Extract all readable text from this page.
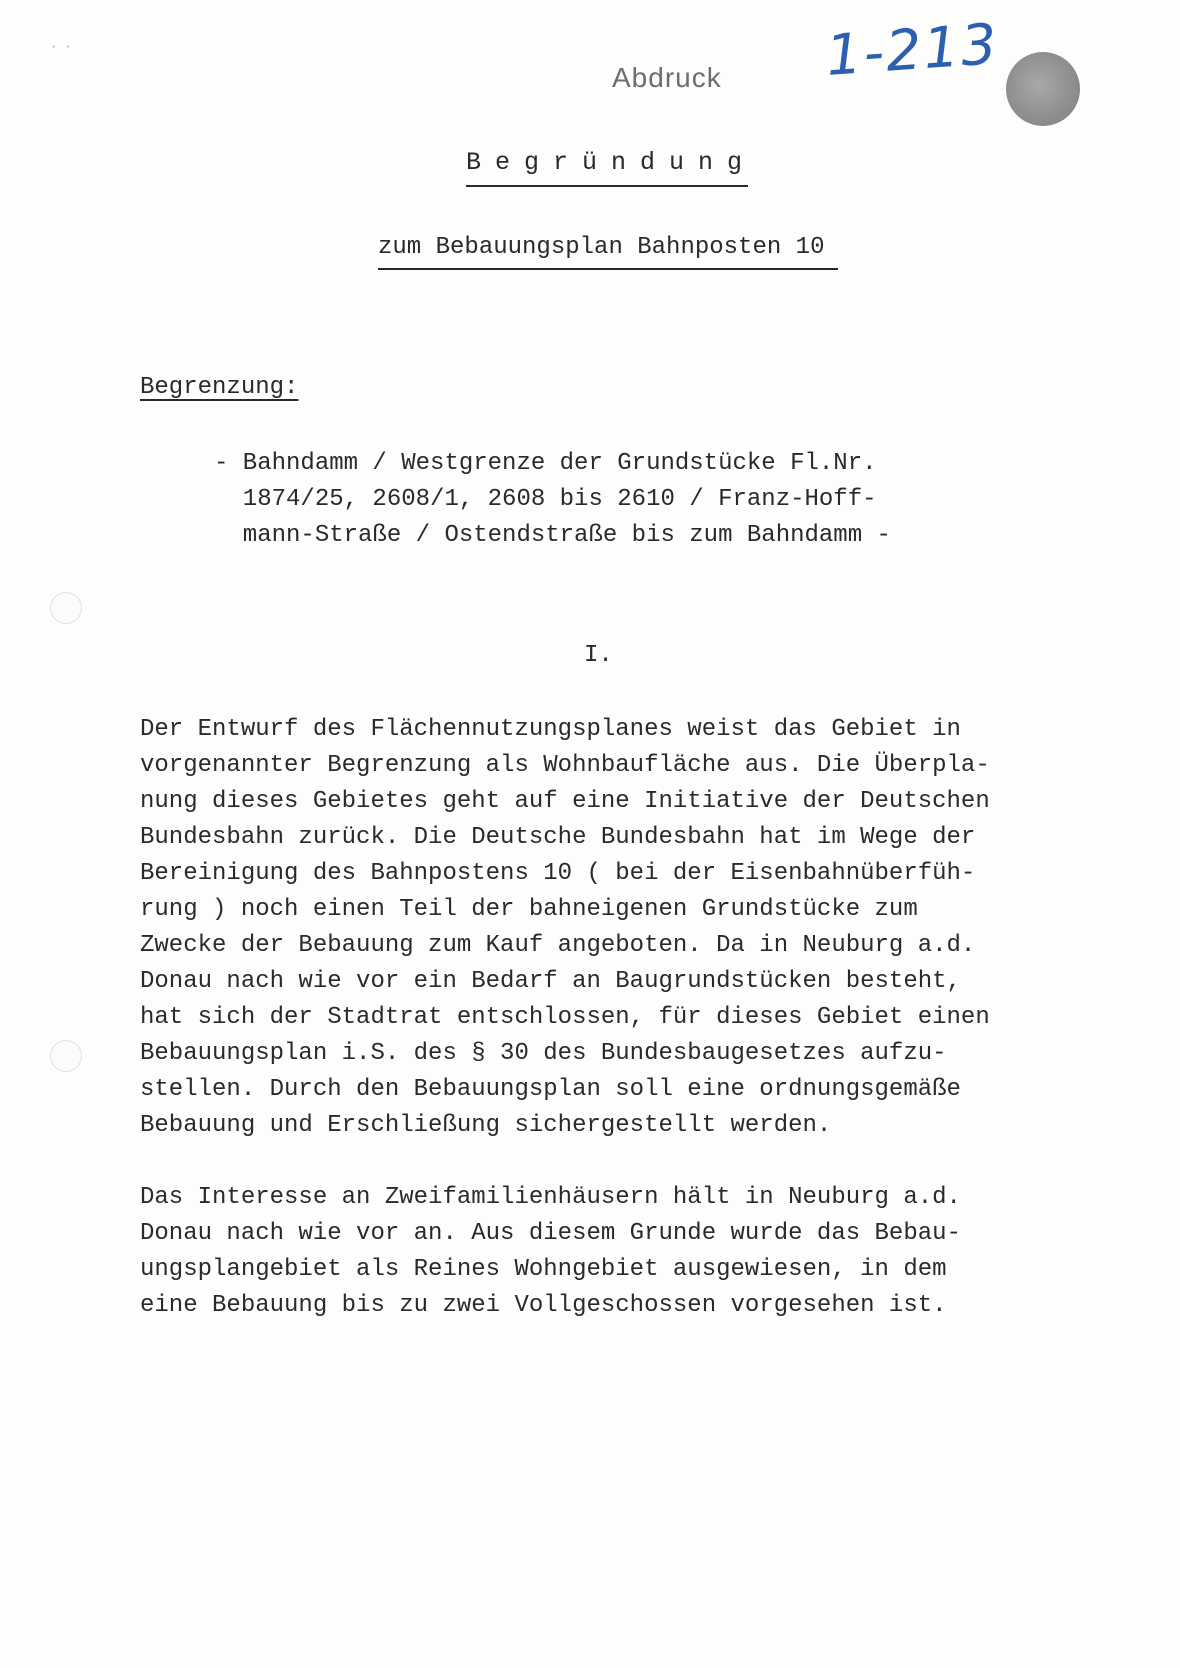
· ·
Abdruck 1-213
Begründung
zum Bebauungsplan Bahnposten 10
Begrenzung:
- Bahndamm / Westgrenze der Grundstücke Fl.Nr.
1874/25, 2608/1, 2608 bis 2610 / Franz-Hoff-
mann-Straße / Ostendstraße bis zum Bahndamm -
I.
Der Entwurf des Flächennutzungsplanes weist das Gebiet in
vorgenannter Begrenzung als Wohnbaufläche aus. Die Überpla-
nung dieses Gebietes geht auf eine Initiative der Deutschen
Bundesbahn zurück. Die Deutsche Bundesbahn hat im Wege der
Bereinigung des Bahnpostens 10 ( bei der Eisenbahnüberfüh-
rung ) noch einen Teil der bahneigenen Grundstücke zum
Zwecke der Bebauung zum Kauf angeboten. Da in Neuburg a.d.
Donau nach wie vor ein Bedarf an Baugrundstücken besteht,
hat sich der Stadtrat entschlossen, für dieses Gebiet einen
Bebauungsplan i.S. des § 30 des Bundesbaugesetzes aufzu-
stellen. Durch den Bebauungsplan soll eine ordnungsgemäße
Bebauung und Erschließung sichergestellt werden.
Das Interesse an Zweifamilienhäusern hält in Neuburg a.d.
Donau nach wie vor an. Aus diesem Grunde wurde das Bebau-
ungsplangebiet als Reines Wohngebiet ausgewiesen, in dem
eine Bebauung bis zu zwei Vollgeschossen vorgesehen ist.
